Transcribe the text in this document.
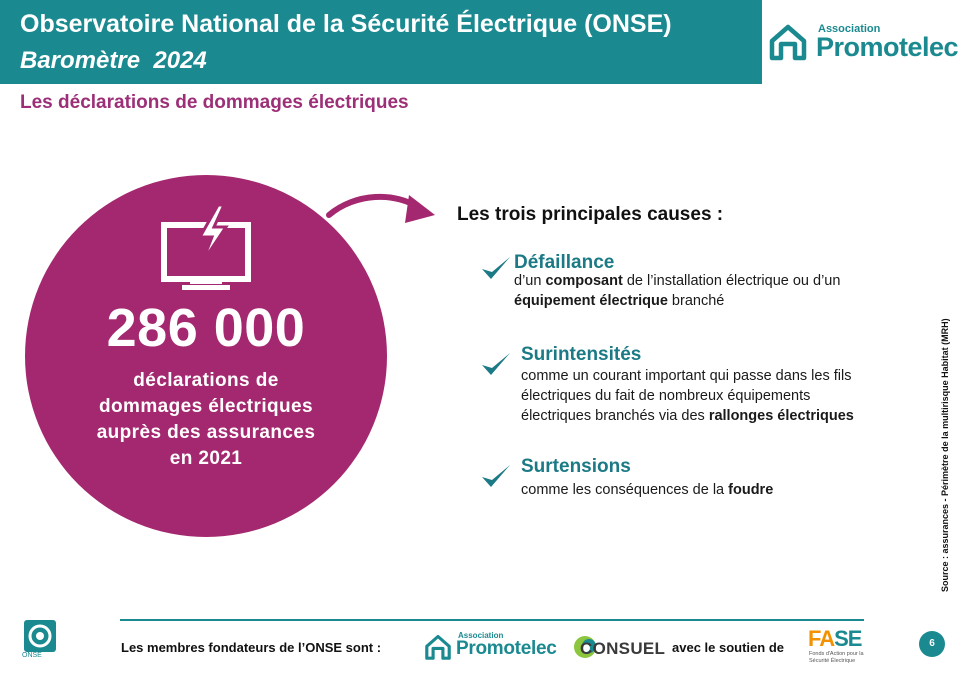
Observatoire National de la Sécurité Électrique (ONSE)
Baromètre  2024
Association
Promotelec
Les déclarations de dommages électriques
286 000
déclarations de
dommages électriques
auprès des assurances
en 2021
Les trois principales causes :
Défaillance
d’un composant de l’installation électrique ou d’un
équipement électrique branché
Surintensités
comme un courant important qui passe dans les fils
électriques du fait de nombreux équipements
électriques branchés via des rallonges électriques
Surtensions
comme les conséquences de la foudre	Source : assurances - Périmètre de la multirisque Habitat (MRH)
ONSE
Les membres fondateurs de l’ONSE sont :
Association
Promotelec CONSUEL avec le soutien de FASE
Fonds d'Action pour la Sécurité Électrique
6
